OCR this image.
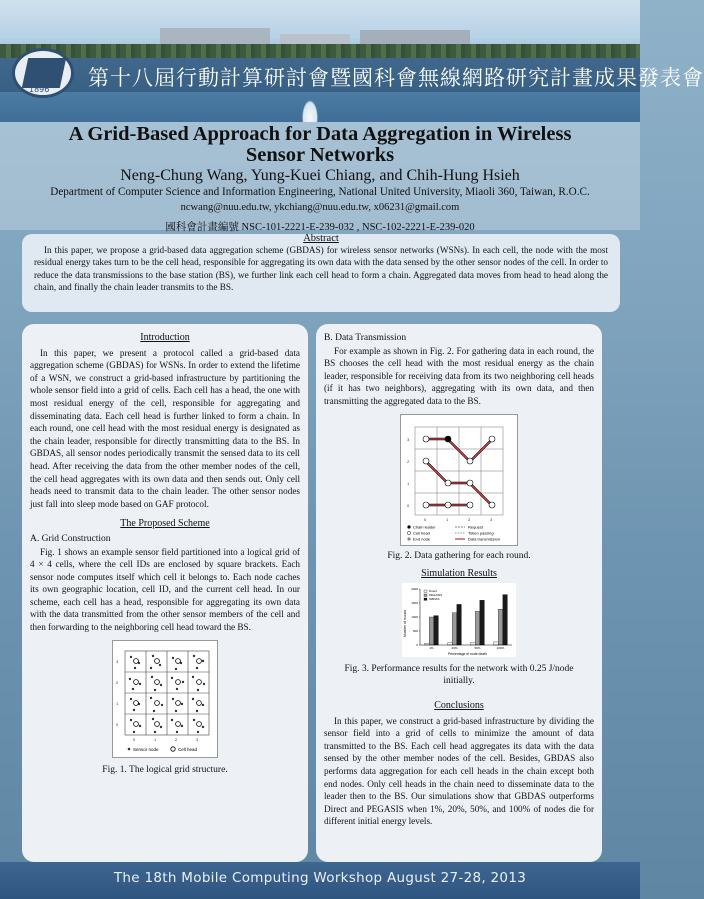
1896 第十八屆行動計算研討會暨國科會無線網路研究計畫成果發表會
A Grid-Based Approach for Data Aggregation in Wireless
Sensor Networks
Neng-Chung Wang, Yung-Kuei Chiang, and Chih-Hung Hsieh
Department of Computer Science and Information Engineering, National United University, Miaoli 360, Taiwan, R.O.C.
ncwang@nuu.edu.tw, ykchiang@nuu.edu.tw, x06231@gmail.com
國科會計畫編號 NSC-101-2221-E-239-032 , NSC-102-2221-E-239-020
Abstract
In this paper, we propose a grid-based data aggregation scheme (GBDAS) for wireless sensor networks (WSNs). In each cell, the node with the most residual energy takes turn to be the cell head, responsible for aggregating its own data with the data sensed by the other sensor nodes of the cell. In order to reduce the data transmissions to the base station (BS), we further link each cell head to form a chain. Aggregated data moves from head to head along the chain, and finally the chain leader transmits to the BS.
Introduction
In this paper, we present a protocol called a grid-based data aggregation scheme (GBDAS) for WSNs. In order to extend the lifetime of a WSN, we construct a grid-based infrastructure by partitioning the whole sensor field into a grid of cells. Each cell has a head, the one with most residual energy of the cell, responsible for aggregating and disseminating data. Each cell head is further linked to form a chain. In each round, one cell head with the most residual energy is designated as the chain leader, responsible for directly transmitting data to the BS. In GBDAS, all sensor nodes periodically transmit the sensed data to its cell head. After receiving the data from the other member nodes of the cell, the cell head aggregates with its own data and then sends out. Only cell heads need to transmit data to the chain leader. The other sensor nodes just fall into sleep mode based on GAF protocol.
The Proposed Scheme
A. Grid Construction
Fig. 1 shows an example sensor field partitioned into a logical grid of 4 × 4 cells, where the cell IDs are enclosed by square brackets. Each sensor node computes itself which cell it belongs to. Each node caches its own geographic location, cell ID, and the current cell head. In our scheme, each cell has a head, responsible for aggregating its own data with the data transmitted from the other sensor members of the cell and then forwarding to the neighboring cell head toward the BS.
3
2
1
0
0	1	2	3
Sensor node	Cell head
Fig. 1. The logical grid structure.
B. Data Transmission
For example as shown in Fig. 2. For gathering data in each round, the BS chooses the cell head with the most residual energy as the chain leader, responsible for receiving data from its two neighboring cell heads (if it has two neighbors), aggregating with its own data, and then transmitting the aggregated data to the BS.
3
2
1
0
0	1	2	3
Chain leader
Cell head
End node
Request
Token passing
Data transmission
Fig. 2. Data gathering for each round.
Simulation Results
0
500
1000
1500
2000
1%	20%	50%	100%
Direct
PEGASIS
GBDAS
Number of rounds
Percentage of node death
Fig. 3. Performance results for the network with 0.25 J/node
initially.
Conclusions
In this paper, we construct a grid-based infrastructure by dividing the sensor field into a grid of cells to minimize the amount of data transmitted to the BS. Each cell head aggregates its data with the data sensed by the other member nodes of the cell. Besides, GBDAS also performs data aggregation for each cell heads in the chain except both end nodes. Only cell heads in the chain need to disseminate data to the leader then to the BS. Our simulations show that GBDAS outperforms Direct and PEGASIS when 1%, 20%, 50%, and 100% of nodes die for different initial energy levels.
The 18th Mobile Computing Workshop August 27-28, 2013
